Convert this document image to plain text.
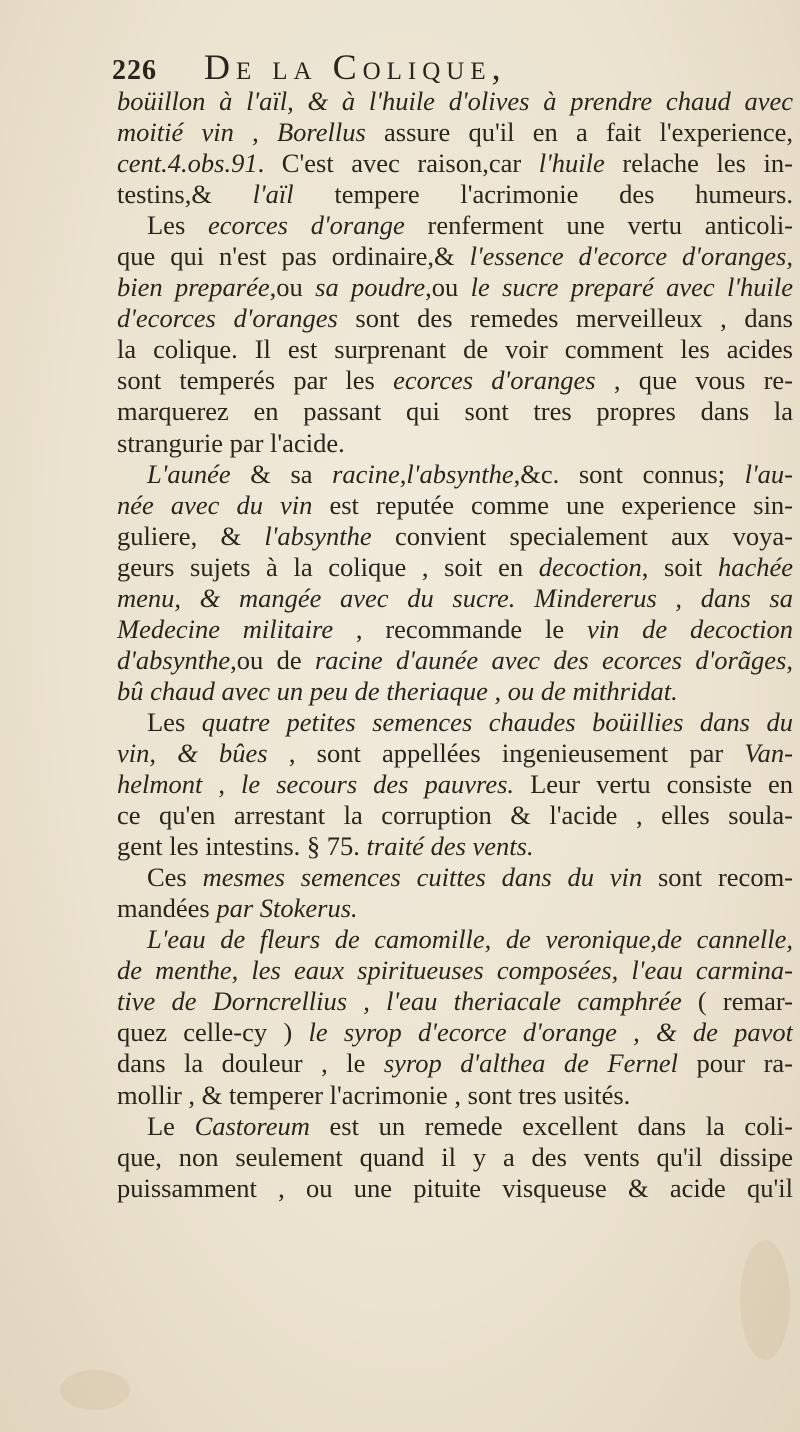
226	De la Colique,
boüillon à l'aïl, & à l'huile d'olives à prendre chaud avec
moitié vin , Borellus assure qu'il en a fait l'experience,
cent.4.obs.91. C'est avec raison,car l'huile relache les in-
testins,& l'aïl tempere l'acrimonie des humeurs.
Les ecorces d'orange renferment une vertu anticoli-
que qui n'est pas ordinaire,& l'essence d'ecorce d'oranges,
bien preparée,ou sa poudre,ou le sucre preparé avec l'huile
d'ecorces d'oranges sont des remedes merveilleux , dans
la colique. Il est surprenant de voir comment les acides
sont temperés par les ecorces d'oranges , que vous re-
marquerez en passant qui sont tres propres dans la
strangurie par l'acide.
L'aunée & sa racine,l'absynthe,&c. sont connus; l'au-
née avec du vin est reputée comme une experience sin-
guliere, & l'absynthe convient specialement aux voya-
geurs sujets à la colique , soit en decoction, soit hachée
menu, & mangée avec du sucre. Mindererus , dans sa
Medecine militaire , recommande le vin de decoction
d'absynthe,ou de racine d'aunée avec des ecorces d'orãges,
bû chaud avec un peu de theriaque , ou de mithridat.
Les quatre petites semences chaudes boüillies dans du
vin, & bûes , sont appellées ingenieusement par Van-
helmont , le secours des pauvres. Leur vertu consiste en
ce qu'en arrestant la corruption & l'acide , elles soula-
gent les intestins. § 75. traité des vents.
Ces mesmes semences cuittes dans du vin sont recom-
mandées par Stokerus.
L'eau de fleurs de camomille, de veronique,de cannelle,
de menthe, les eaux spiritueuses composées, l'eau carmina-
tive de Dorncrellius , l'eau theriacale camphrée ( remar-
quez celle-cy ) le syrop d'ecorce d'orange , & de pavot
dans la douleur , le syrop d'althea de Fernel pour ra-
mollir , & temperer l'acrimonie , sont tres usités.
Le Castoreum est un remede excellent dans la coli-
que, non seulement quand il y a des vents qu'il dissipe
puissamment , ou une pituite visqueuse & acide qu'il
